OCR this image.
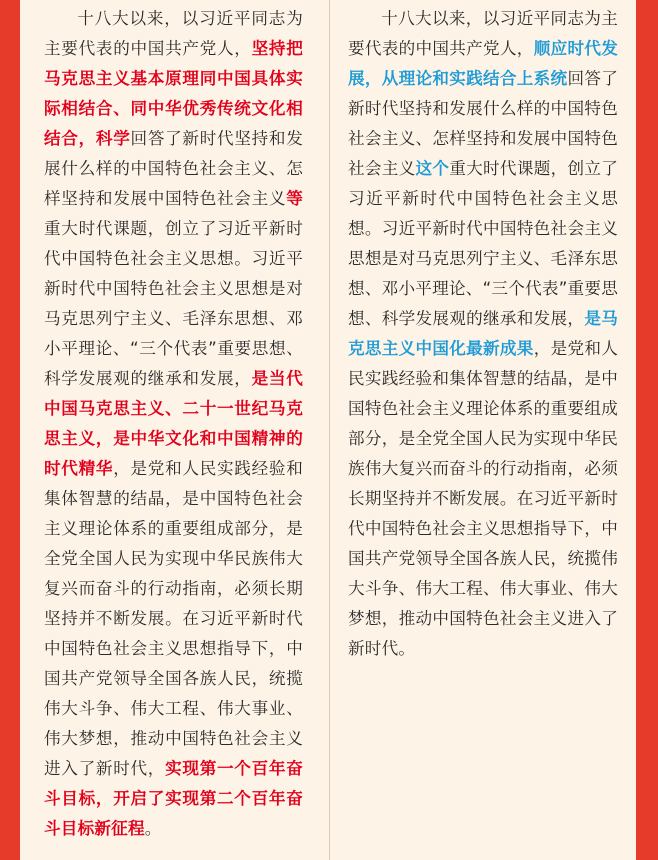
十八大以来，以习近平同志为主要代表的中国共产党人，坚持把马克思主义基本原理同中国具体实际相结合、同中华优秀传统文化相结合，科学回答了新时代坚持和发展什么样的中国特色社会主义、怎样坚持和发展中国特色社会主义等重大时代课题，创立了习近平新时代中国特色社会主义思想。习近平新时代中国特色社会主义思想是对马克思列宁主义、毛泽东思想、邓小平理论、“三个代表”重要思想、科学发展观的继承和发展，是当代中国马克思主义、二十一世纪马克思主义，是中华文化和中国精神的时代精华，是党和人民实践经验和集体智慧的结晶，是中国特色社会主义理论体系的重要组成部分，是全党全国人民为实现中华民族伟大复兴而奋斗的行动指南，必须长期坚持并不断发展。在习近平新时代中国特色社会主义思想指导下，中国共产党领导全国各族人民，统揽伟大斗争、伟大工程、伟大事业、伟大梦想，推动中国特色社会主义进入了新时代，实现第一个百年奋斗目标，开启了实现第二个百年奋斗目标新征程。

十八大以来，以习近平同志为主要代表的中国共产党人，顺应时代发展，从理论和实践结合上系统回答了新时代坚持和发展什么样的中国特色社会主义、怎样坚持和发展中国特色社会主义这个重大时代课题，创立了习近平新时代中国特色社会主义思想。习近平新时代中国特色社会主义思想是对马克思列宁主义、毛泽东思想、邓小平理论、“三个代表”重要思想、科学发展观的继承和发展，是马克思主义中国化最新成果，是党和人民实践经验和集体智慧的结晶，是中国特色社会主义理论体系的重要组成部分，是全党全国人民为实现中华民族伟大复兴而奋斗的行动指南，必须长期坚持并不断发展。在习近平新时代中国特色社会主义思想指导下，中国共产党领导全国各族人民，统揽伟大斗争、伟大工程、伟大事业、伟大梦想，推动中国特色社会主义进入了新时代。
